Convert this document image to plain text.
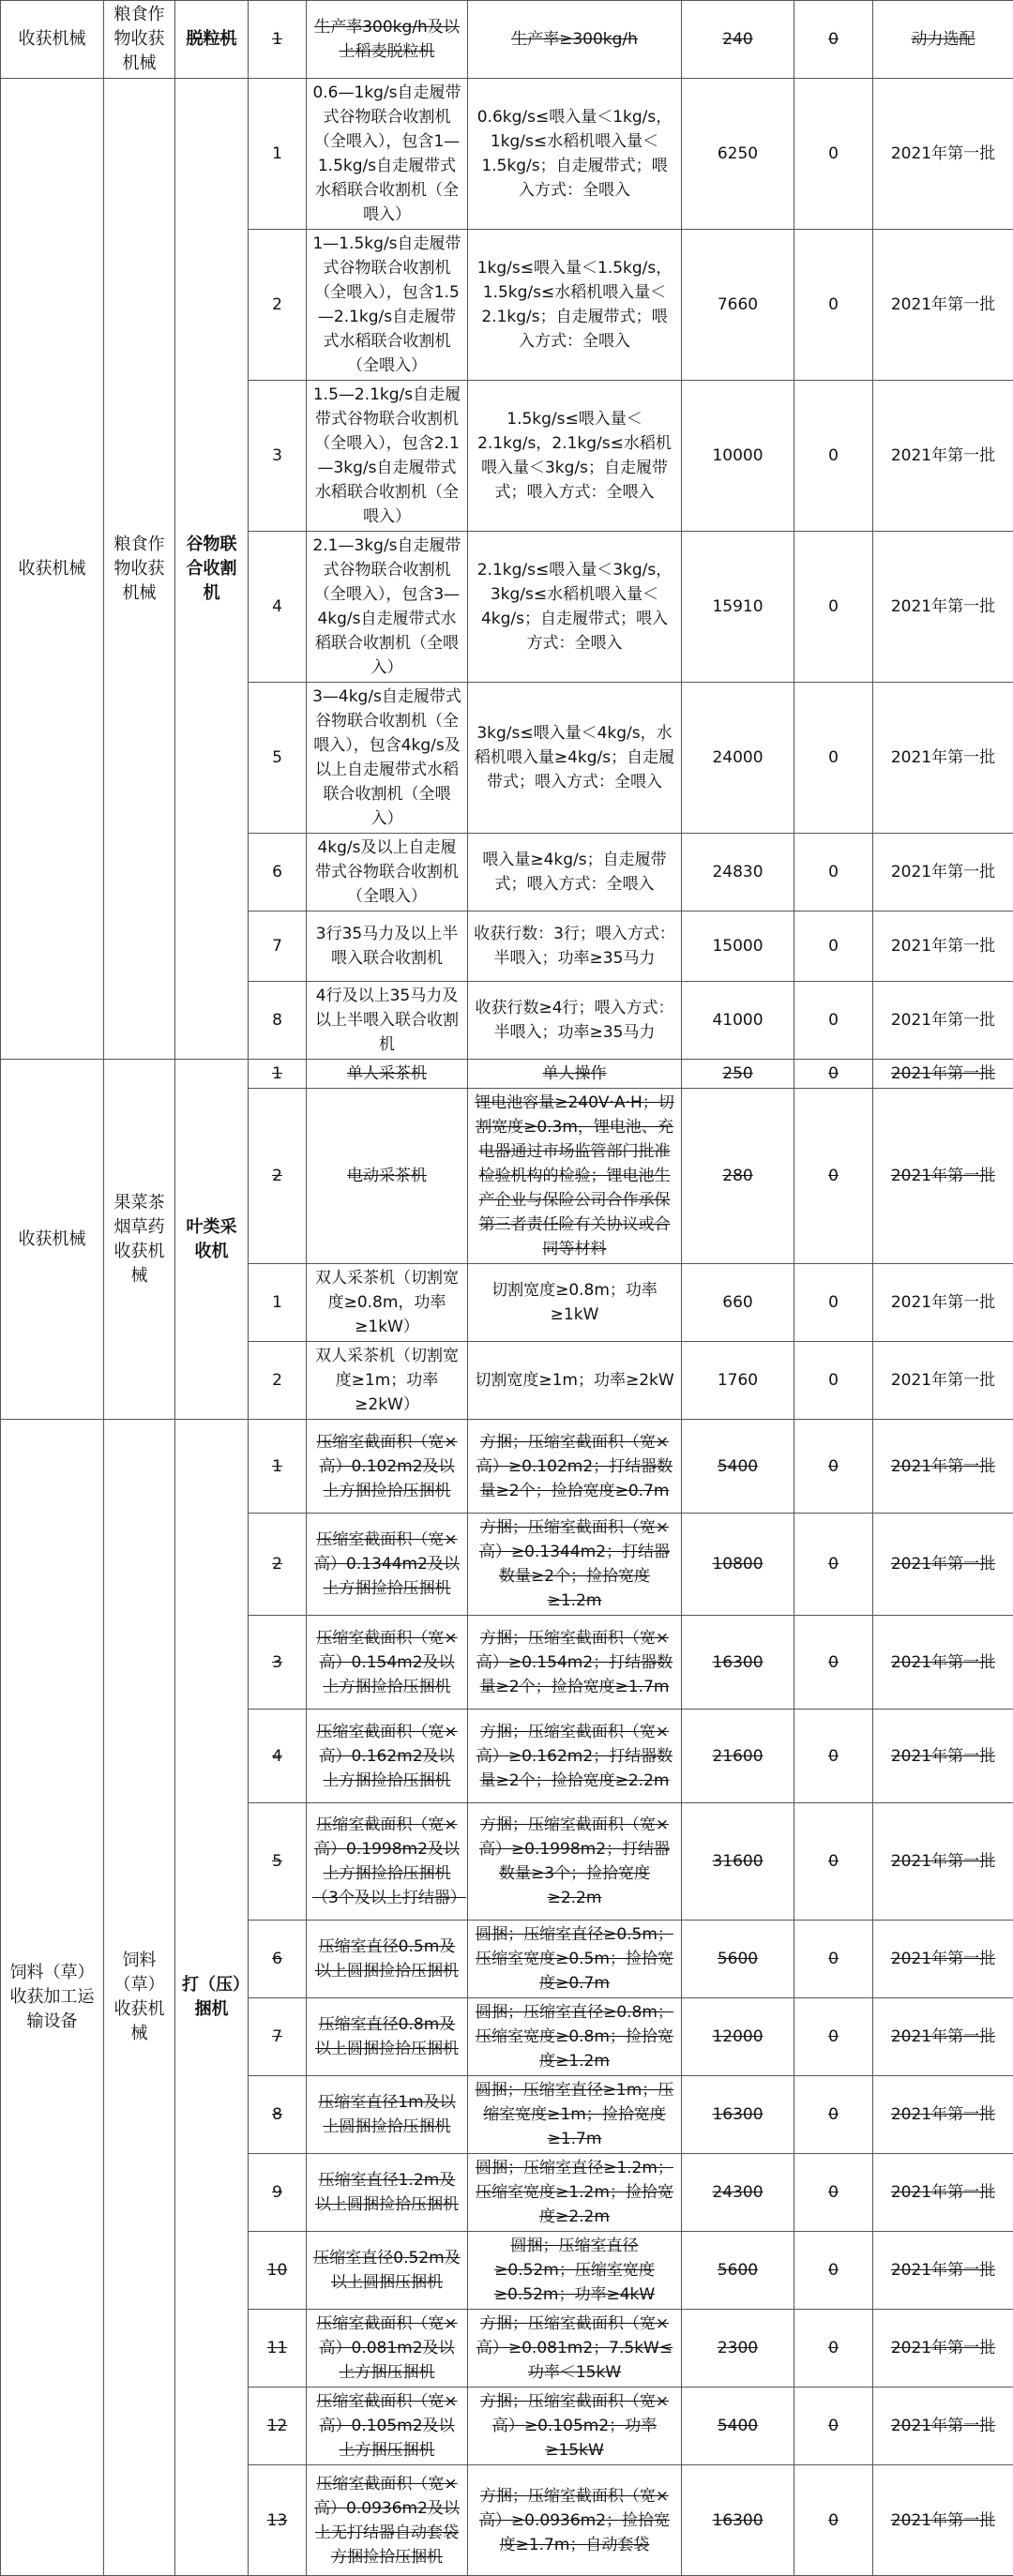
收获机械	粮食作物收获机械	脱粒机	1	生产率300kg/h及以上稻麦脱粒机	生产率≥300kg/h	240	0	动力选配
收获机械	粮食作物收获机械	谷物联合收割机	1	0.6—1kg/s自走履带式谷物联合收割机（全喂入），包含1—1.5kg/s自走履带式水稻联合收割机（全喂入）	0.6kg/s≤喂入量＜1kg/s，1kg/s≤水稻机喂入量＜1.5kg/s；自走履带式；喂入方式：全喂入	6250	0	2021年第一批
			2	1—1.5kg/s自走履带式谷物联合收割机（全喂入），包含1.5—2.1kg/s自走履带式水稻联合收割机（全喂入）	1kg/s≤喂入量＜1.5kg/s，1.5kg/s≤水稻机喂入量＜2.1kg/s；自走履带式；喂入方式：全喂入	7660	0	2021年第一批
			3	1.5—2.1kg/s自走履带式谷物联合收割机（全喂入），包含2.1—3kg/s自走履带式水稻联合收割机（全喂入）	1.5kg/s≤喂入量＜2.1kg/s，2.1kg/s≤水稻机喂入量＜3kg/s；自走履带式；喂入方式：全喂入	10000	0	2021年第一批
			4	2.1—3kg/s自走履带式谷物联合收割机（全喂入），包含3—4kg/s自走履带式水稻联合收割机（全喂入）	2.1kg/s≤喂入量＜3kg/s，3kg/s≤水稻机喂入量＜4kg/s；自走履带式；喂入方式：全喂入	15910	0	2021年第一批
			5	3—4kg/s自走履带式谷物联合收割机（全喂入），包含4kg/s及以上自走履带式水稻联合收割机（全喂入）	3kg/s≤喂入量＜4kg/s，水稻机喂入量≥4kg/s；自走履带式；喂入方式：全喂入	24000	0	2021年第一批
			6	4kg/s及以上自走履带式谷物联合收割机（全喂入）	喂入量≥4kg/s；自走履带式；喂入方式：全喂入	24830	0	2021年第一批
			7	3行35马力及以上半喂入联合收割机	收获行数：3行；喂入方式：半喂入；功率≥35马力	15000	0	2021年第一批
			8	4行及以上35马力及以上半喂入联合收割机	收获行数≥4行；喂入方式：半喂入；功率≥35马力	41000	0	2021年第一批
收获机械	果菜茶烟草药收获机械	叶类采收机	1	单人采茶机	单人操作	250	0	2021年第一批
			2	电动采茶机	锂电池容量≥240V·A·H；切割宽度≥0.3m，锂电池、充电器通过市场监管部门批准检验机构的检验；锂电池生产企业与保险公司合作承保第三者责任险有关协议或合同等材料	280	0	2021年第一批
			1	双人采茶机（切割宽度≥0.8m，功率≥1kW）	切割宽度≥0.8m；功率≥1kW	660	0	2021年第一批
			2	双人采茶机（切割宽度≥1m；功率≥2kW）	切割宽度≥1m；功率≥2kW	1760	0	2021年第一批
饲料（草）收获加工运输设备	饲料（草）收获机械	打（压）捆机	1	压缩室截面积（宽×高）0.102m2及以上方捆捡拾压捆机	方捆；压缩室截面积（宽×高）≥0.102m2；打结器数量≥2个；捡拾宽度≥0.7m	5400	0	2021年第一批
			2	压缩室截面积（宽×高）0.1344m2及以上方捆捡拾压捆机	方捆；压缩室截面积（宽×高）≥0.1344m2；打结器数量≥2个；捡拾宽度≥1.2m	10800	0	2021年第一批
			3	压缩室截面积（宽×高）0.154m2及以上方捆捡拾压捆机	方捆；压缩室截面积（宽×高）≥0.154m2；打结器数量≥2个；捡拾宽度≥1.7m	16300	0	2021年第一批
			4	压缩室截面积（宽×高）0.162m2及以上方捆捡拾压捆机	方捆；压缩室截面积（宽×高）≥0.162m2；打结器数量≥2个；捡拾宽度≥2.2m	21600	0	2021年第一批
			5	压缩室截面积（宽×高）0.1998m2及以上方捆捡拾压捆机（3个及以上打结器）	方捆；压缩室截面积（宽×高）≥0.1998m2；打结器数量≥3个；捡拾宽度≥2.2m	31600	0	2021年第一批
			6	压缩室直径0.5m及以上圆捆捡拾压捆机	圆捆；压缩室直径≥0.5m；压缩室宽度≥0.5m；捡拾宽度≥0.7m	5600	0	2021年第一批
			7	压缩室直径0.8m及以上圆捆捡拾压捆机	圆捆；压缩室直径≥0.8m；压缩室宽度≥0.8m；捡拾宽度≥1.2m	12000	0	2021年第一批
			8	压缩室直径1m及以上圆捆捡拾压捆机	圆捆；压缩室直径≥1m；压缩室宽度≥1m；捡拾宽度≥1.7m	16300	0	2021年第一批
			9	压缩室直径1.2m及以上圆捆捡拾压捆机	圆捆；压缩室直径≥1.2m；压缩室宽度≥1.2m；捡拾宽度≥2.2m	24300	0	2021年第一批
			10	压缩室直径0.52m及以上圆捆压捆机	圆捆；压缩室直径≥0.52m；压缩室宽度≥0.52m；功率≥4kW	5600	0	2021年第一批
			11	压缩室截面积（宽×高）0.081m2及以上方捆压捆机	方捆；压缩室截面积（宽×高）≥0.081m2；7.5kW≤功率＜15kW	2300	0	2021年第一批
			12	压缩室截面积（宽×高）0.105m2及以上方捆压捆机	方捆；压缩室截面积（宽×高）≥0.105m2；功率≥15kW	5400	0	2021年第一批
			13	压缩室截面积（宽×高）0.0936m2及以上无打结器自动套袋方捆捡拾压捆机	方捆；压缩室截面积（宽×高）≥0.0936m2；捡拾宽度≥1.7m；自动套袋	16300	0	2021年第一批
